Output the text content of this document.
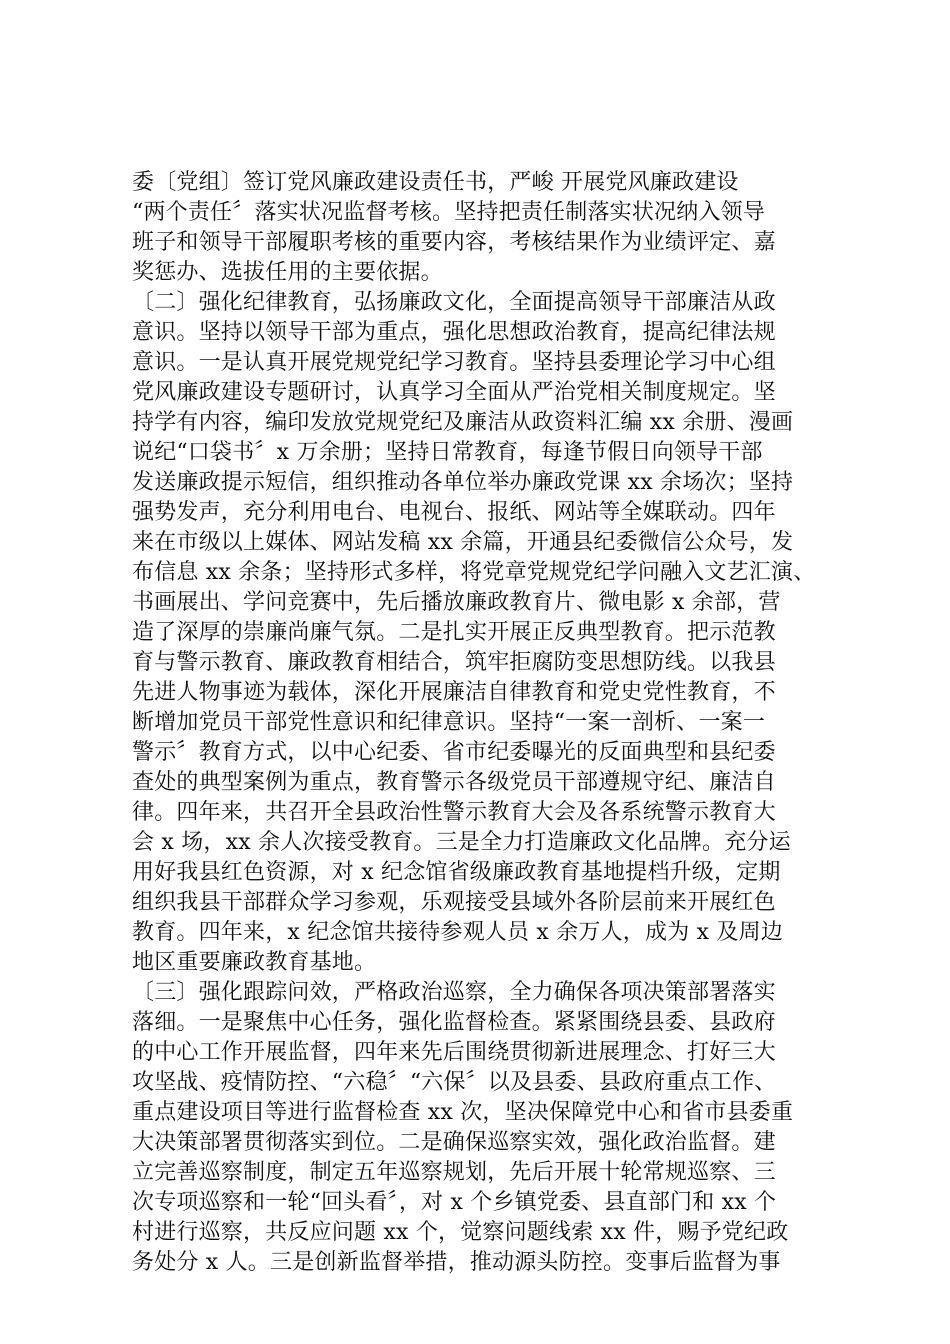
委〔党组〕签订党风廉政建设责任书，严峻 开展党风廉政建设
“两个责任〞落实状况监督考核。坚持把责任制落实状况纳入领导
班子和领导干部履职考核的重要内容，考核结果作为业绩评定、嘉
奖惩办、选拔任用的主要依据。
〔二〕强化纪律教育，弘扬廉政文化，全面提高领导干部廉洁从政
意识。坚持以领导干部为重点，强化思想政治教育，提高纪律法规
意识。一是认真开展党规党纪学习教育。坚持县委理论学习中心组
党风廉政建设专题研讨，认真学习全面从严治党相关制度规定。坚
持学有内容，编印发放党规党纪及廉洁从政资料汇编 xx 余册、漫画
说纪“口袋书〞x 万余册；坚持日常教育，每逢节假日向领导干部
发送廉政提示短信，组织推动各单位举办廉政党课 xx 余场次；坚持
强势发声，充分利用电台、电视台、报纸、网站等全媒联动。四年
来在市级以上媒体、网站发稿 xx 余篇，开通县纪委微信公众号，发
布信息 xx 余条；坚持形式多样，将党章党规党纪学问融入文艺汇演、
书画展出、学问竞赛中，先后播放廉政教育片、微电影 x 余部，营
造了深厚的崇廉尚廉气氛。二是扎实开展正反典型教育。把示范教
育与警示教育、廉政教育相结合，筑牢拒腐防变思想防线。以我县
先进人物事迹为载体，深化开展廉洁自律教育和党史党性教育，不
断增加党员干部党性意识和纪律意识。坚持“一案一剖析、一案一
警示〞教育方式，以中心纪委、省市纪委曝光的反面典型和县纪委
查处的典型案例为重点，教育警示各级党员干部遵规守纪、廉洁自
律。四年来，共召开全县政治性警示教育大会及各系统警示教育大
会 x 场，xx 余人次接受教育。三是全力打造廉政文化品牌。充分运
用好我县红色资源，对 x 纪念馆省级廉政教育基地提档升级，定期
组织我县干部群众学习参观，乐观接受县域外各阶层前来开展红色
教育。四年来，x 纪念馆共接待参观人员 x 余万人，成为 x 及周边
地区重要廉政教育基地。
〔三〕强化跟踪问效，严格政治巡察，全力确保各项决策部署落实
落细。一是聚焦中心任务，强化监督检查。紧紧围绕县委、县政府
的中心工作开展监督，四年来先后围绕贯彻新进展理念、打好三大
攻坚战、疫情防控、“六稳〞“六保〞以及县委、县政府重点工作、
重点建设项目等进行监督检查 xx 次，坚决保障党中心和省市县委重
大决策部署贯彻落实到位。二是确保巡察实效，强化政治监督。建
立完善巡察制度，制定五年巡察规划，先后开展十轮常规巡察、三
次专项巡察和一轮“回头看〞，对 x 个乡镇党委、县直部门和 xx 个
村进行巡察，共反应问题 xx 个，觉察问题线索 xx 件，赐予党纪政
务处分 x 人。三是创新监督举措，推动源头防控。变事后监督为事
